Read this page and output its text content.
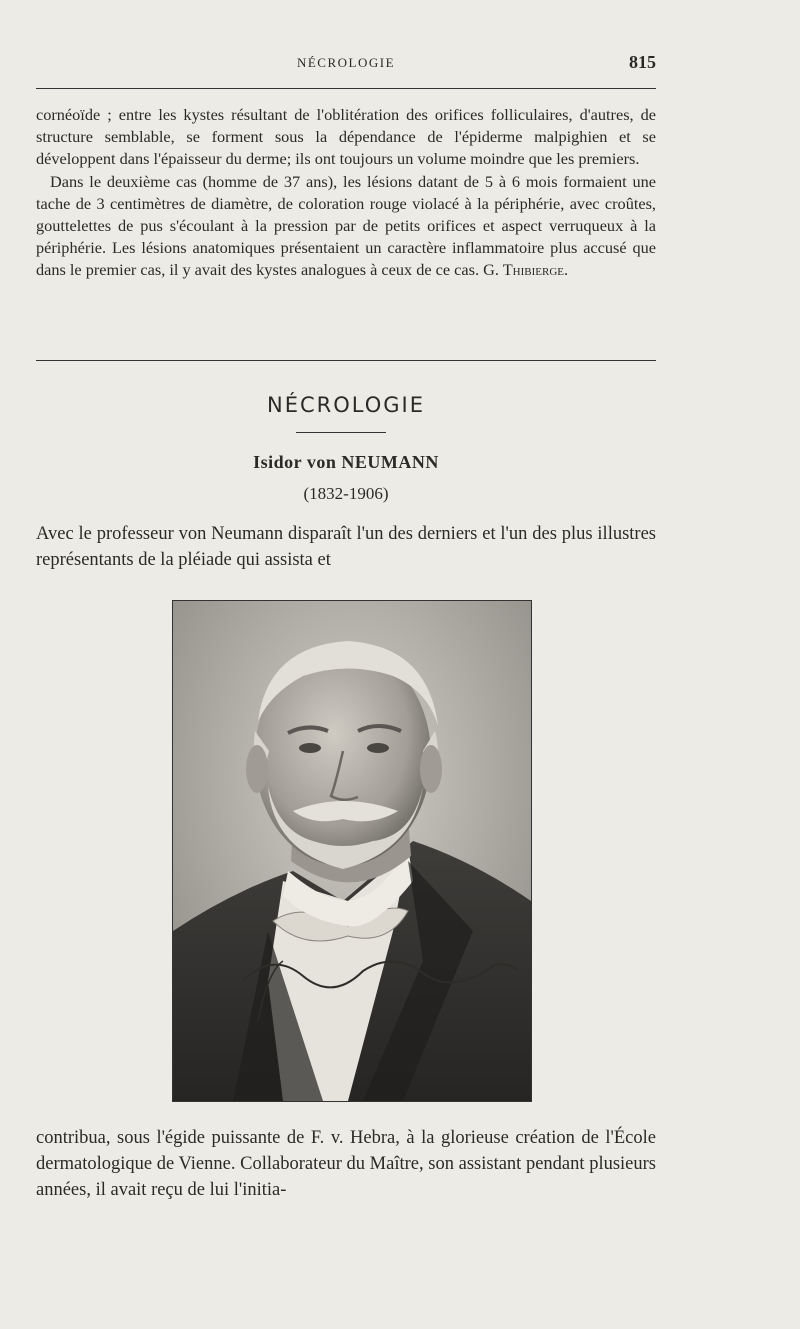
NÉCROLOGIE	815

cornéoïde ; entre les kystes résultant de l'oblitération des orifices folliculaires, d'autres, de structure semblable, se forment sous la dépendance de l'épiderme malpighien et se développent dans l'épaisseur du derme; ils ont toujours un volume moindre que les premiers.

Dans le deuxième cas (homme de 37 ans), les lésions datant de 5 à 6 mois formaient une tache de 3 centimètres de diamètre, de coloration rouge violacé à la périphérie, avec croûtes, gouttelettes de pus s'écoulant à la pression par de petits orifices et aspect verruqueux à la périphérie. Les lésions anatomiques présentaient un caractère inflammatoire plus accusé que dans le premier cas, il y avait des kystes analogues à ceux de ce cas. G. Thibierge.

NÉCROLOGIE
Isidor von NEUMANN
(1832-1906)
Avec le professeur von Neumann disparaît l'un des derniers et l'un des plus illustres représentants de la pléiade qui assista et
contribua, sous l'égide puissante de F. v. Hebra, à la glorieuse création de l'École dermatologique de Vienne. Collaborateur du Maître, son assistant pendant plusieurs années, il avait reçu de lui l'initia-
